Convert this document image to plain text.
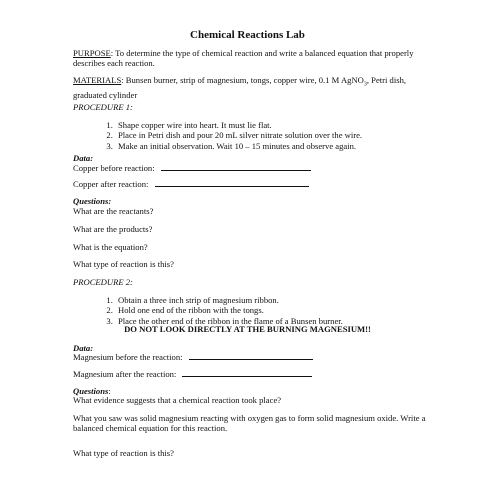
Chemical Reactions Lab
PURPOSE: To determine the type of chemical reaction and write a balanced equation that properly describes each reaction.
MATERIALS: Bunsen burner, strip of magnesium, tongs, copper wire, 0.1 M AgNO$_3$, Petri dish, graduated cylinder
PROCEDURE 1:
1. Shape copper wire into heart. It must lie flat.
2. Place in Petri dish and pour 20 mL silver nitrate solution over the wire.
3. Make an initial observation. Wait 10 – 15 minutes and observe again.
Data:
Copper before reaction:
Copper after reaction:
Questions:
What are the reactants?
What are the products?
What is the equation?
What type of reaction is this?
PROCEDURE 2:
1. Obtain a three inch strip of magnesium ribbon.
2. Hold one end of the ribbon with the tongs.
3. Place the other end of the ribbon in the flame of a Bunsen burner.
DO NOT LOOK DIRECTLY AT THE BURNING MAGNESIUM!!
Data:
Magnesium before the reaction:
Magnesium after the reaction:
Questions:
What evidence suggests that a chemical reaction took place?
What you saw was solid magnesium reacting with oxygen gas to form solid magnesium oxide. Write a balanced chemical equation for this reaction.
What type of reaction is this?
